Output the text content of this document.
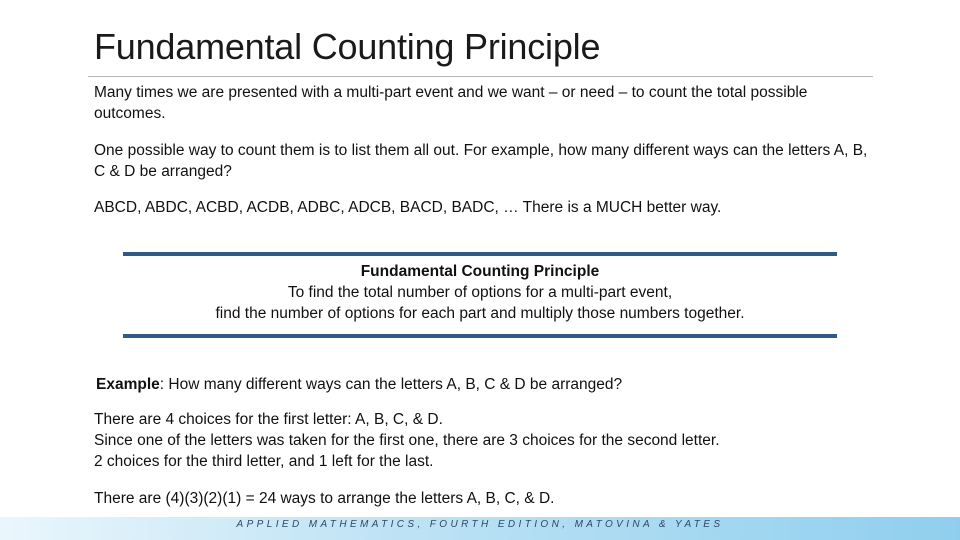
Fundamental Counting Principle
Many times we are presented with a multi-part event and we want – or need – to count the total possible outcomes.
One possible way to count them is to list them all out. For example, how many different ways can the letters A, B, C & D be arranged?
ABCD, ABDC, ACBD, ACDB, ADBC, ADCB, BACD, BADC, … There is a MUCH better way.
Fundamental Counting Principle
To find the total number of options for a multi-part event,
find the number of options for each part and multiply those numbers together.
Example: How many different ways can the letters A, B, C & D be arranged?
There are 4 choices for the first letter: A, B, C, & D.
Since one of the letters was taken for the first one, there are 3 choices for the second letter.
2 choices for the third letter, and 1 left for the last.
There are (4)(3)(2)(1) = 24 ways to arrange the letters A, B, C, & D.
APPLIED MATHEMATICS, FOURTH EDITION, MATOVINA & YATES
